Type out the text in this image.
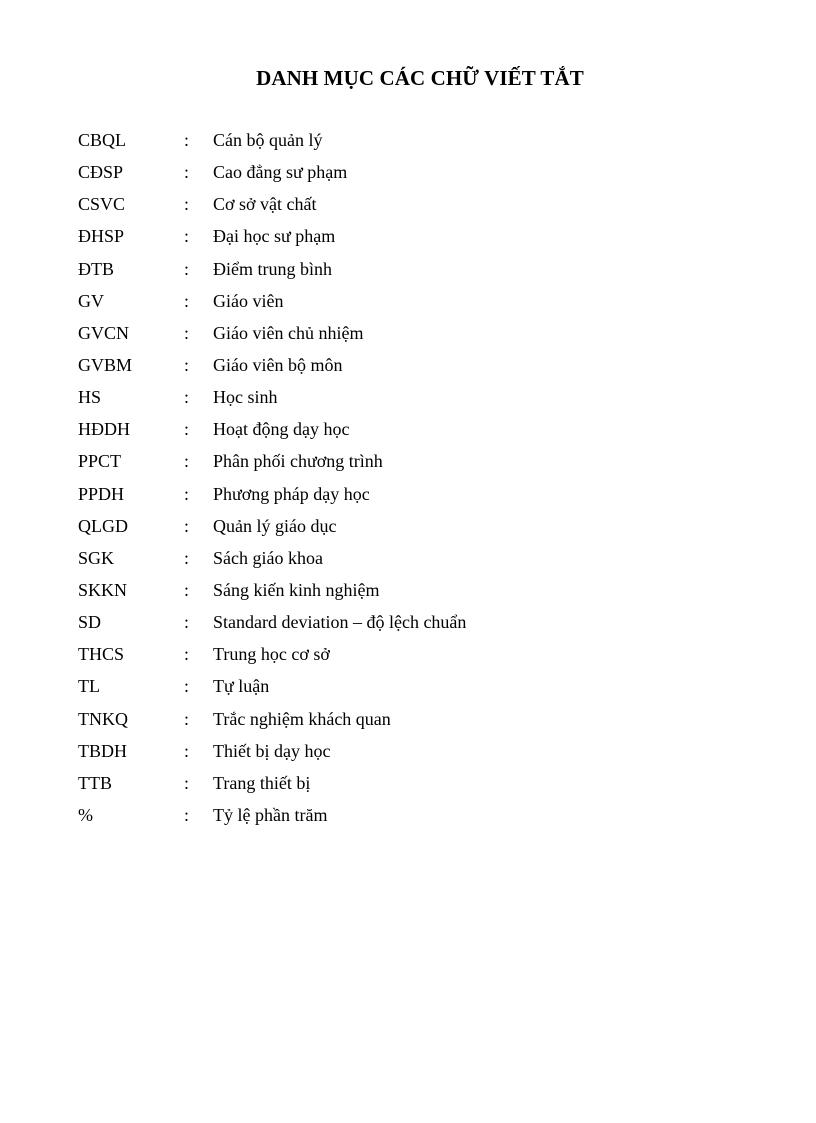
DANH MỤC CÁC CHỮ VIẾT TẮT
CBQL	: Cán bộ quản lý
CĐSP	: Cao đẳng sư phạm
CSVC	: Cơ sở vật chất
ĐHSP	: Đại học sư phạm
ĐTB	: Điểm trung bình
GV	: Giáo viên
GVCN	: Giáo viên chủ nhiệm
GVBM	: Giáo viên bộ môn
HS	: Học sinh
HĐDH	: Hoạt động dạy học
PPCT	: Phân phối chương trình
PPDH	: Phương pháp dạy học
QLGD	: Quản lý giáo dục
SGK	: Sách giáo khoa
SKKN	: Sáng kiến kinh nghiệm
SD	: Standard deviation – độ lệch chuẩn
THCS	: Trung học cơ sở
TL	: Tự luận
TNKQ	: Trắc nghiệm khách quan
TBDH	: Thiết bị dạy học
TTB	: Trang thiết bị
%	: Tỷ lệ phần trăm
